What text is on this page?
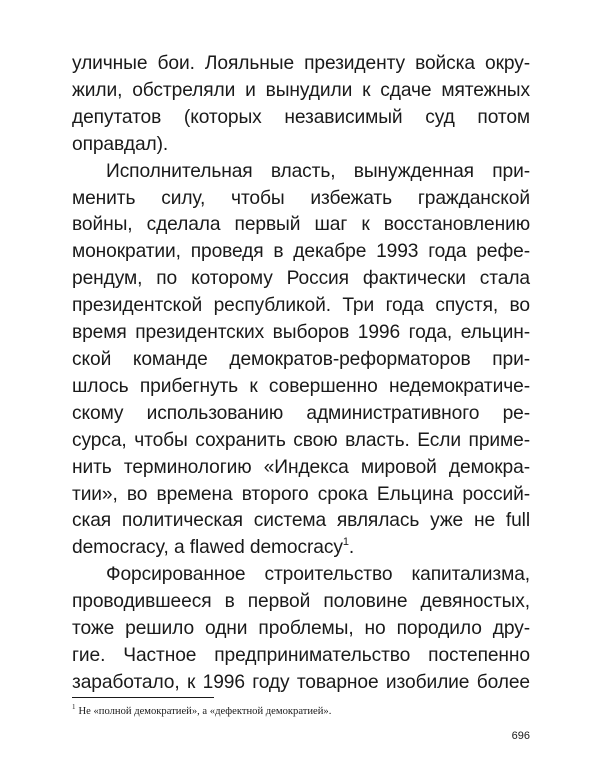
уличные бои. Лояльные президенту войска окру-
жили, обстреляли и вынудили к сдаче мятежных
депутатов (которых независимый суд потом
оправдал).

Исполнительная власть, вынужденная при-
менить силу, чтобы избежать гражданской
войны, сделала первый шаг к восстановлению
монократии, проведя в декабре 1993 года рефе-
рендум, по которому Россия фактически стала
президентской республикой. Три года спустя, во
время президентских выборов 1996 года, ельцин-
ской команде демократов-реформаторов при-
шлось прибегнуть к совершенно недемократиче-
скому использованию административного ре-
сурса, чтобы сохранить свою власть. Если приме-
нить терминологию «Индекса мировой демокра-
тии», во времена второго срока Ельцина россий-
ская политическая система являлась уже не full
democracy, а flawed democracy$^1$.

Форсированное строительство капитализма,
проводившееся в первой половине девяностых,
тоже решило одни проблемы, но породило дру-
гие. Частное предпринимательство постепенно
заработало, к 1996 году товарное изобилие более

$^1$ Не «полной демократией», а «дефектной демократией».
696
